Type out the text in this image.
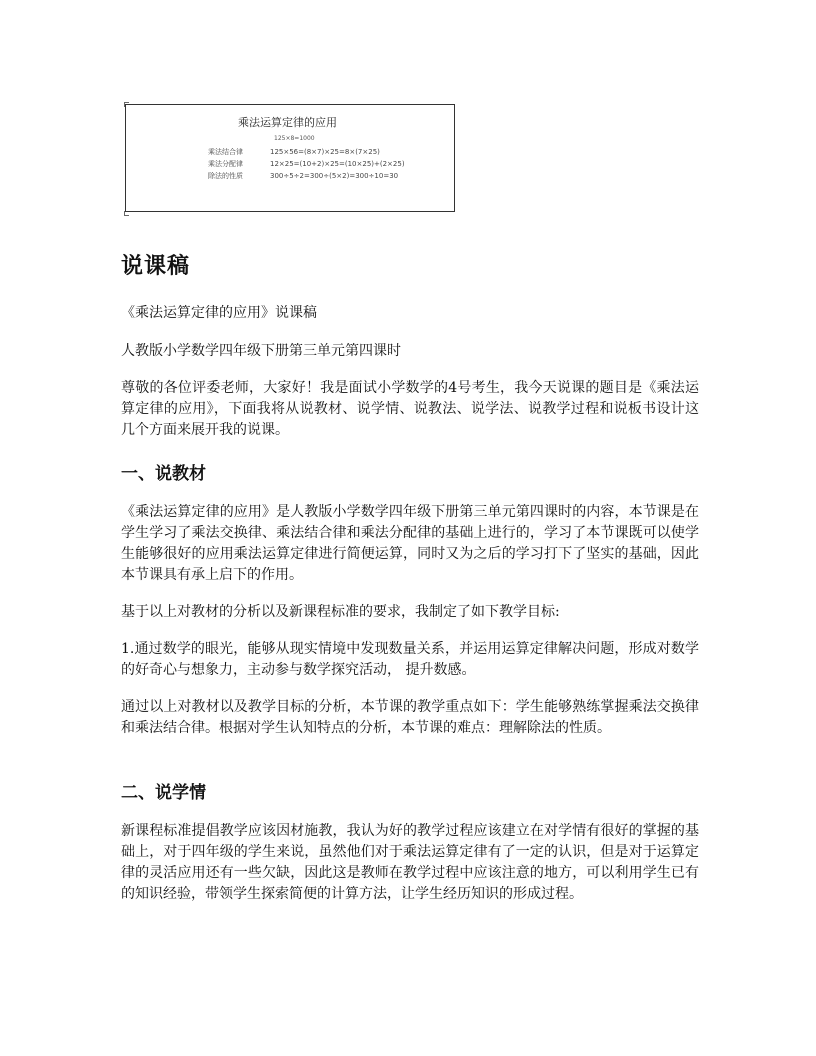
乘法运算定律的应用
125×8=1000
乘法结合律	125×56=(8×7)×25=8×(7×25)
乘法分配律	12×25=(10+2)×25=(10×25)+(2×25)
除法的性质	300÷5÷2=300÷(5×2)=300÷10=30
说课稿

《乘法运算定律的应用》说课稿

人教版小学数学四年级下册第三单元第四课时

尊敬的各位评委老师，大家好！我是面试小学数学的4号考生，我今天说课的题目是《乘法运算定律的应用》，下面我将从说教材、说学情、说教法、说学法、说教学过程和说板书设计这几个方面来展开我的说课。

一、说教材

《乘法运算定律的应用》是人教版小学数学四年级下册第三单元第四课时的内容，本节课是在学生学习了乘法交换律、乘法结合律和乘法分配律的基础上进行的，学习了本节课既可以使学生能够很好的应用乘法运算定律进行简便运算，同时又为之后的学习打下了坚实的基础，因此本节课具有承上启下的作用。

基于以上对教材的分析以及新课程标准的要求，我制定了如下教学目标:

1.通过数学的眼光，能够从现实情境中发现数量关系，并运用运算定律解决问题，形成对数学的好奇心与想象力，主动参与数学探究活动， 提升数感。

通过以上对教材以及教学目标的分析，本节课的教学重点如下：学生能够熟练掌握乘法交换律和乘法结合律。根据对学生认知特点的分析，本节课的难点：理解除法的性质。

二、说学情

新课程标准提倡教学应该因材施教，我认为好的教学过程应该建立在对学情有很好的掌握的基础上，对于四年级的学生来说，虽然他们对于乘法运算定律有了一定的认识，但是对于运算定律的灵活应用还有一些欠缺，因此这是教师在教学过程中应该注意的地方，可以利用学生已有的知识经验，带领学生探索简便的计算方法，让学生经历知识的形成过程。
